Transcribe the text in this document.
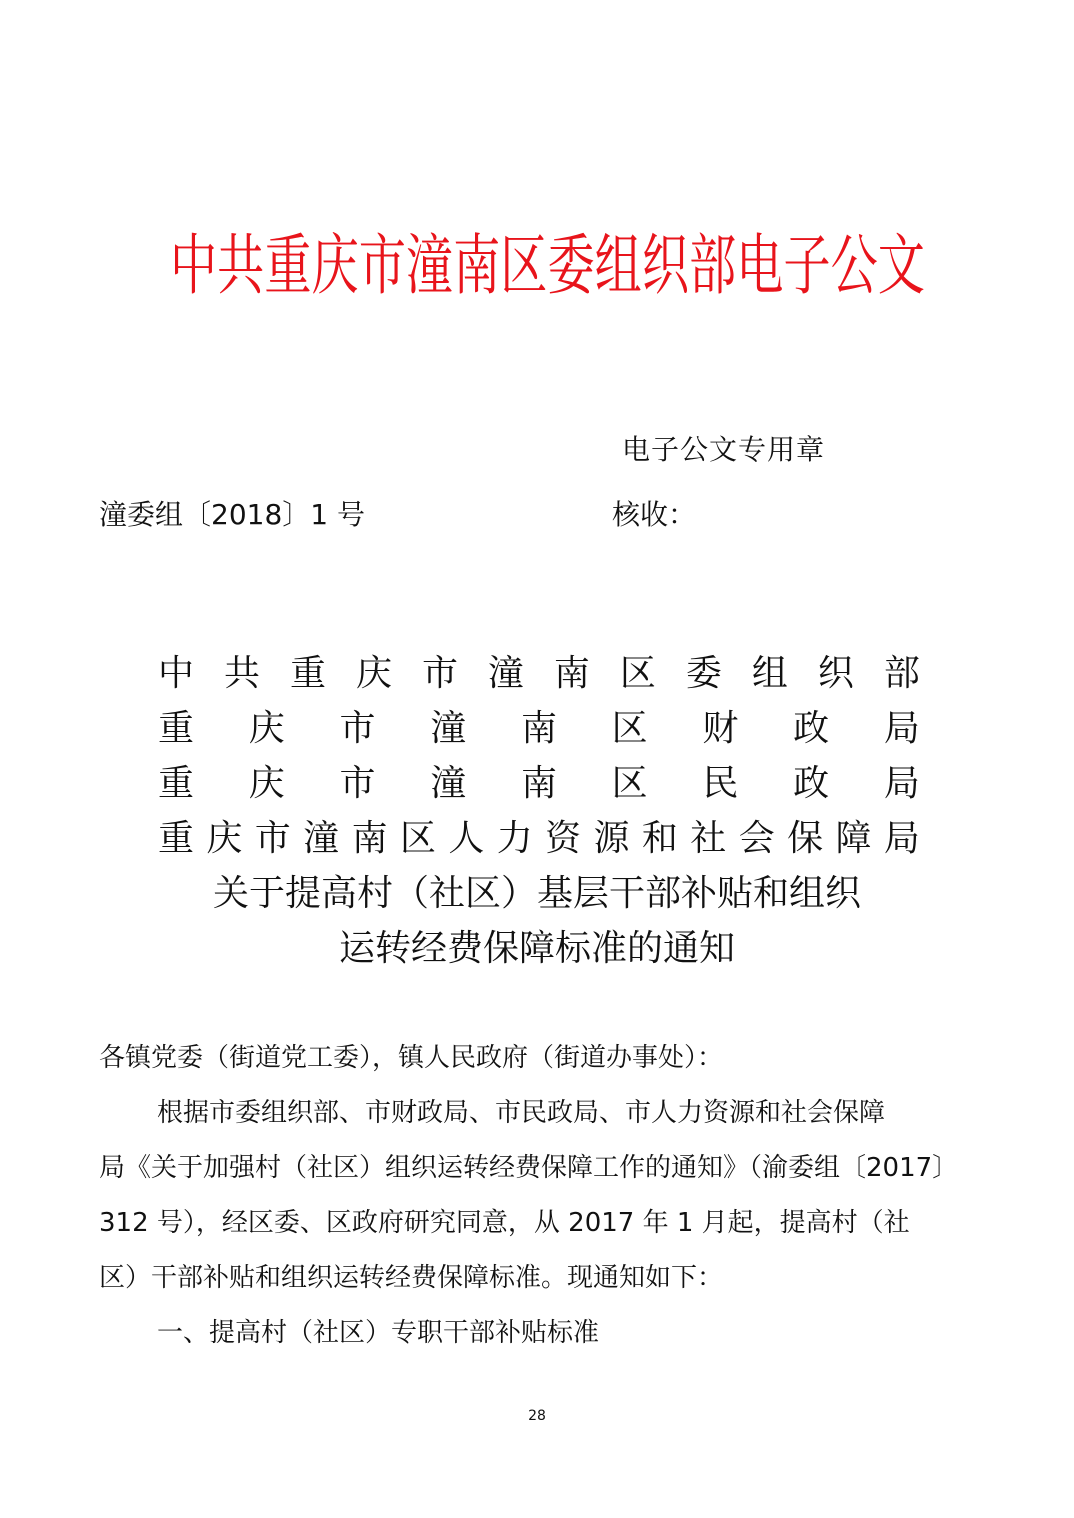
中共重庆市潼南区委组织部电子公文
电子公文专用章
潼委组〔2018〕1 号	核收：
中 共 重 庆 市 潼 南 区 委 组 织 部
重 庆 市 潼 南 区 财 政 局
重 庆 市 潼 南 区 民 政 局
重 庆 市 潼 南 区 人 力 资 源 和 社 会 保 障 局
关于提高村（社区）基层干部补贴和组织
运转经费保障标准的通知
各镇党委（街道党工委），镇人民政府（街道办事处）：
根据市委组织部、市财政局、市民政局、市人力资源和社会保障
局《关于加强村（社区）组织运转经费保障工作的通知》（渝委组〔2017〕
312 号），经区委、区政府研究同意，从 2017 年 1 月起，提高村（社
区）干部补贴和组织运转经费保障标准。现通知如下：
一、提高村（社区）专职干部补贴标准
28
